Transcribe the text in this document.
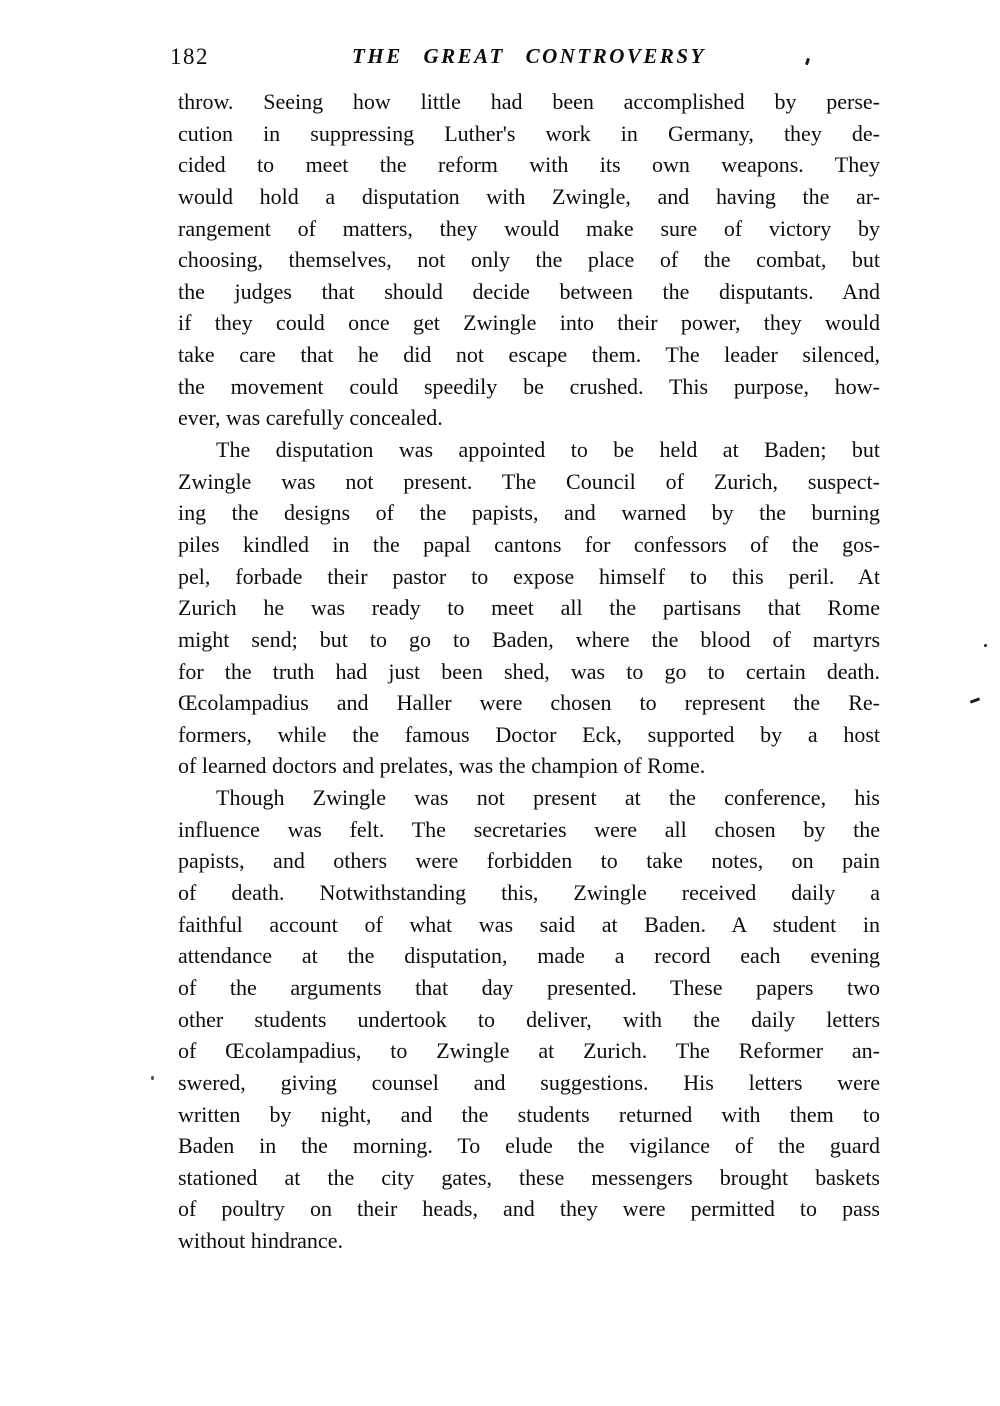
182	THE GREAT CONTROVERSY
throw. Seeing how little had been accomplished by perse-
cution in suppressing Luther's work in Germany, they de-
cided to meet the reform with its own weapons. They
would hold a disputation with Zwingle, and having the ar-
rangement of matters, they would make sure of victory by
choosing, themselves, not only the place of the combat, but
the judges that should decide between the disputants. And
if they could once get Zwingle into their power, they would
take care that he did not escape them. The leader silenced,
the movement could speedily be crushed. This purpose, how-
ever, was carefully concealed.
The disputation was appointed to be held at Baden; but
Zwingle was not present. The Council of Zurich, suspect-
ing the designs of the papists, and warned by the burning
piles kindled in the papal cantons for confessors of the gos-
pel, forbade their pastor to expose himself to this peril. At
Zurich he was ready to meet all the partisans that Rome
might send; but to go to Baden, where the blood of martyrs
for the truth had just been shed, was to go to certain death.
Œcolampadius and Haller were chosen to represent the Re-
formers, while the famous Doctor Eck, supported by a host
of learned doctors and prelates, was the champion of Rome.
Though Zwingle was not present at the conference, his
influence was felt. The secretaries were all chosen by the
papists, and others were forbidden to take notes, on pain
of death. Notwithstanding this, Zwingle received daily a
faithful account of what was said at Baden. A student in
attendance at the disputation, made a record each evening
of the arguments that day presented. These papers two
other students undertook to deliver, with the daily letters
of Œcolampadius, to Zwingle at Zurich. The Reformer an-
swered, giving counsel and suggestions. His letters were
written by night, and the students returned with them to
Baden in the morning. To elude the vigilance of the guard
stationed at the city gates, these messengers brought baskets
of poultry on their heads, and they were permitted to pass
without hindrance.
